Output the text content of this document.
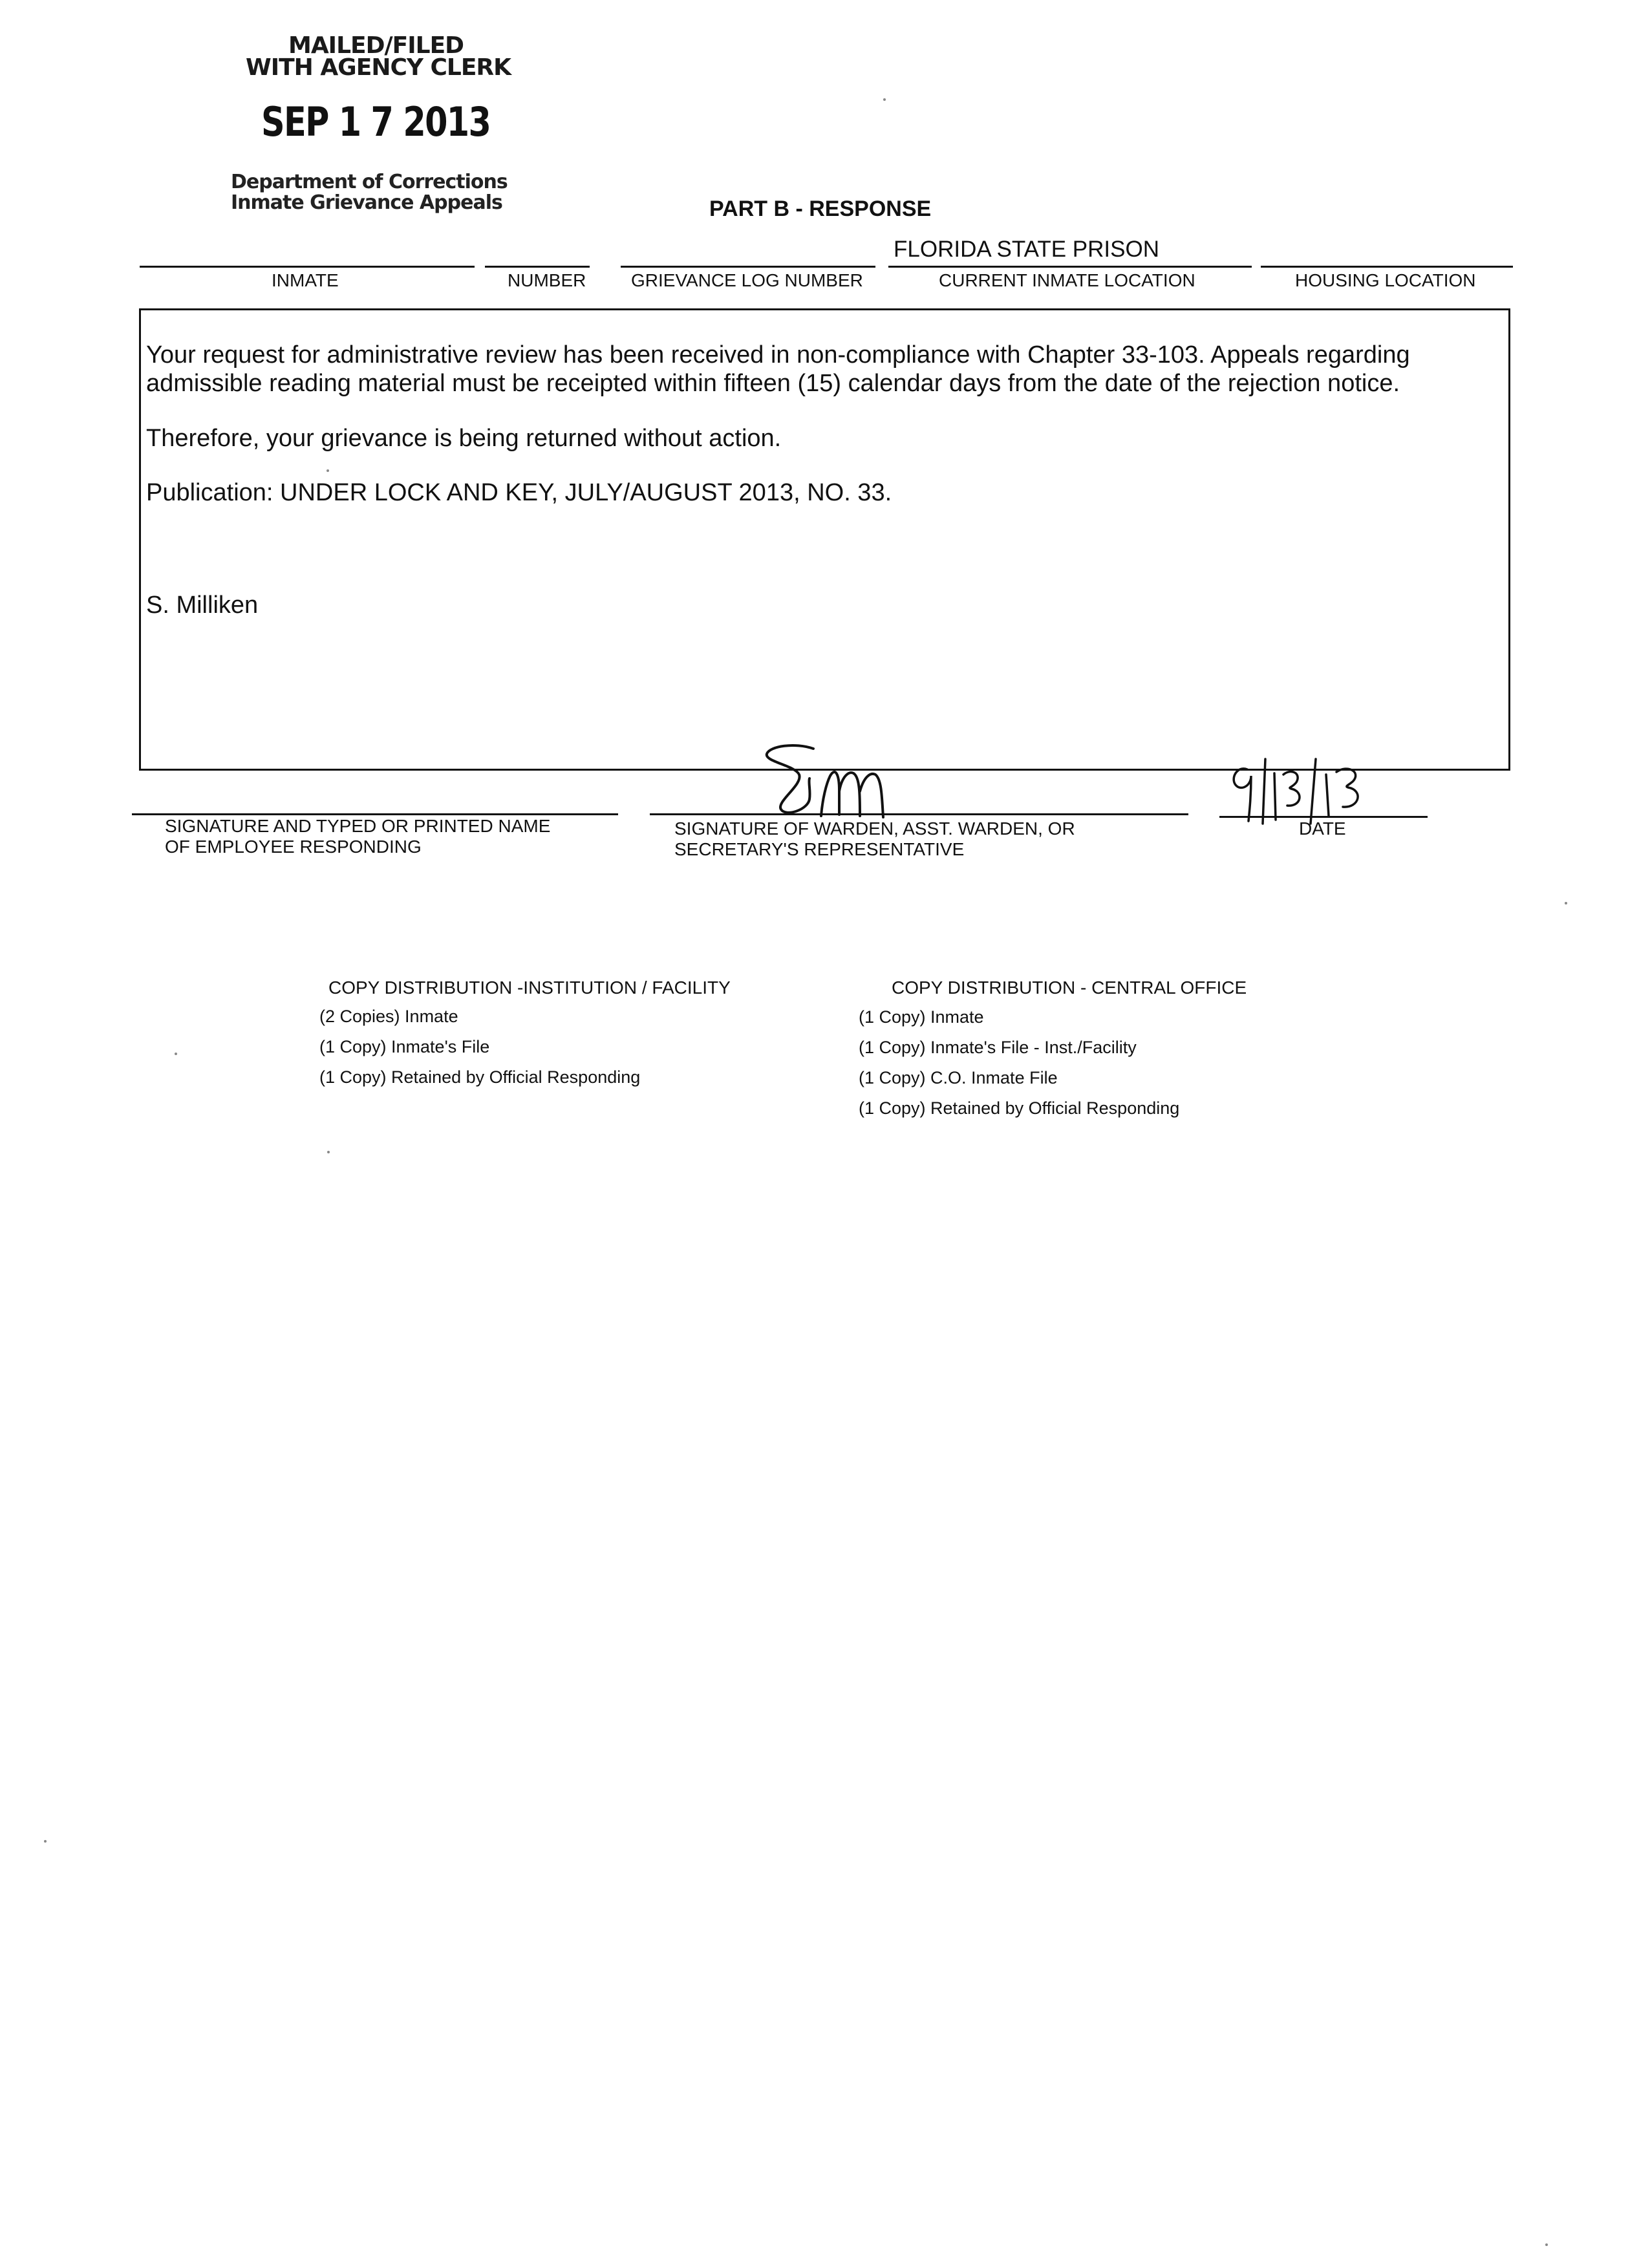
MAILED/FILED
WITH AGENCY CLERK
SEP 1 7 2013
Department of Corrections
Inmate Grievance Appeals	PART B - RESPONSE
FLORIDA STATE PRISON
INMATE	NUMBER GRIEVANCE LOG NUMBER	CURRENT INMATE LOCATION	HOUSING LOCATION
Your request for administrative review has been received in non-compliance with Chapter 33-103. Appeals regarding
admissible reading material must be receipted within fifteen (15) calendar days from the date of the rejection notice.
Therefore, your grievance is being returned without action.
Publication: UNDER LOCK AND KEY, JULY/AUGUST 2013, NO. 33.
S. Milliken
SIGNATURE AND TYPED OR PRINTED NAME
OF EMPLOYEE RESPONDING
SIGNATURE OF WARDEN, ASST. WARDEN, OR
SECRETARY'S REPRESENTATIVE
DATE
COPY DISTRIBUTION -INSTITUTION / FACILITY
(2 Copies) Inmate
(1 Copy) Inmate's File
(1 Copy) Retained by Official Responding
COPY DISTRIBUTION - CENTRAL OFFICE
(1 Copy) Inmate
(1 Copy) Inmate's File - Inst./Facility
(1 Copy) C.O. Inmate File
(1 Copy) Retained by Official Responding
